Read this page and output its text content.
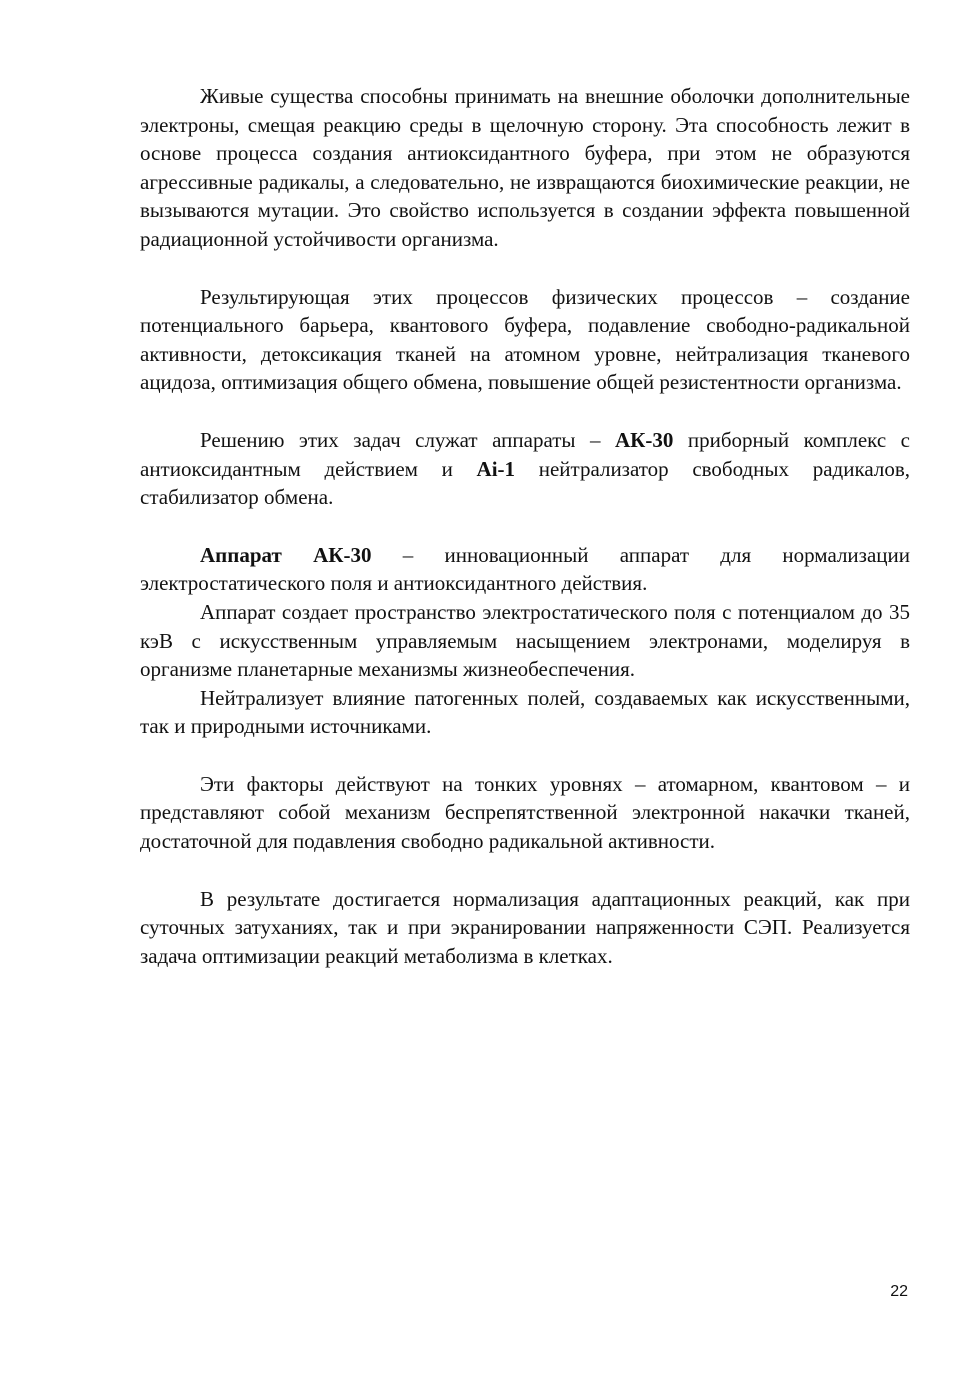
Живые существа способны принимать на внешние оболочки дополнительные электроны, смещая реакцию среды в щелочную сторону. Эта способность лежит в основе процесса создания антиоксидантного буфера, при этом не образуются агрессивные радикалы, а следовательно, не извращаются биохимические реакции, не вызываются мутации. Это свойство используется в создании эффекта повышенной радиационной устойчивости организма.

Результирующая этих процессов физических процессов – создание потенциального барьера, квантового буфера, подавление свободно-радикальной активности, детоксикация тканей на атомном уровне, нейтрализация тканевого ацидоза, оптимизация общего обмена, повышение общей резистентности организма.

Решению этих задач служат аппараты – АК-30 приборный комплекс с антиоксидантным действием и Ai-1 нейтрализатор свободных радикалов, стабилизатор обмена.

Аппарат АК-30 – инновационный аппарат для нормализации электростатического поля и антиоксидантного действия.

Аппарат создает пространство электростатического поля с потенциалом до 35 кэВ с искусственным управляемым насыщением электронами, моделируя в организме планетарные механизмы жизнеобеспечения.

Нейтрализует влияние патогенных полей, создаваемых как искусственными, так и природными источниками.

Эти факторы действуют на тонких уровнях – атомарном, квантовом – и представляют собой механизм беспрепятственной электронной накачки тканей, достаточной для подавления свободно радикальной активности.

В результате достигается нормализация адаптационных реакций, как при суточных затуханиях, так и при экранировании напряженности СЭП. Реализуется задача оптимизации реакций метаболизма в клетках.

22
